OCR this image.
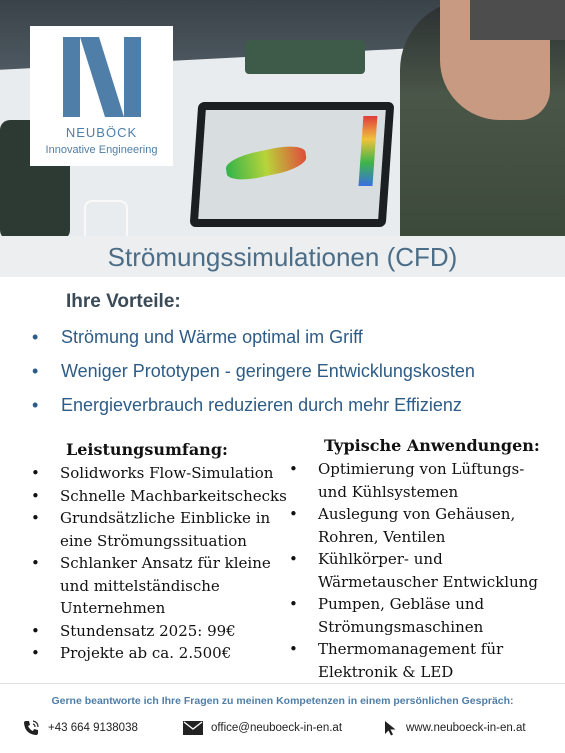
NEUBÖCK
Innovative Engineering
Strömungssimulationen (CFD)
Ihre Vorteile:
• Strömung und Wärme optimal im Griff
• Weniger Prototypen - geringere Entwicklungskosten
• Energieverbrauch reduzieren durch mehr Effizienz
Leistungsumfang:
• Solidworks Flow-Simulation
• Schnelle Machbarkeitschecks
• Grundsätzliche Einblicke in
eine Strömungssituation
• Schlanker Ansatz für kleine
und mittelständische
Unternehmen
• Stundensatz 2025: 99€
• Projekte ab ca. 2.500€
Typische Anwendungen:
• Optimierung von Lüftungs-
und Kühlsystemen
• Auslegung von Gehäusen,
Rohren, Ventilen
• Kühlkörper- und
Wärmetauscher Entwicklung
• Pumpen, Gebläse und
Strömungsmaschinen
• Thermomanagement für
Elektronik & LED
Gerne beantworte ich Ihre Fragen zu meinen Kompetenzen in einem persönlichen Gespräch:
+43 664 9138038	office@neuboeck-in-en.at	www.neuboeck-in-en.at
